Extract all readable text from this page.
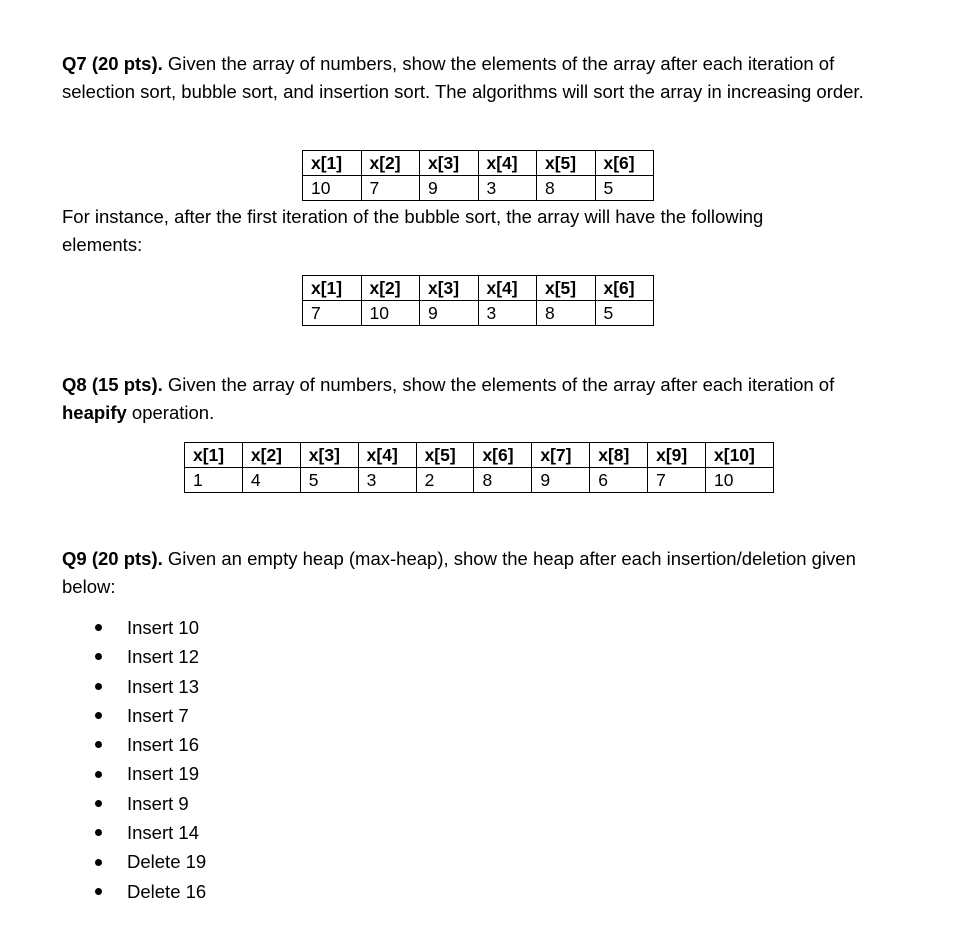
Q7 (20 pts). Given the array of numbers, show the elements of the array after each iteration of selection sort, bubble sort, and insertion sort. The algorithms will sort the array in increasing order.

x[1]	x[2]	x[3]	x[4]	x[5]	x[6]
10	7	9	3	8	5

For instance, after the first iteration of the bubble sort, the array will have the following elements:

x[1]	x[2]	x[3]	x[4]	x[5]	x[6]
7	10	9	3	8	5

Q8 (15 pts). Given the array of numbers, show the elements of the array after each iteration of heapify operation.

x[1]	x[2]	x[3]	x[4]	x[5]	x[6]	x[7]	x[8]	x[9]	x[10]
1	4	5	3	2	8	9	6	7	10

Q9 (20 pts). Given an empty heap (max-heap), show the heap after each insertion/deletion given below:

Insert 10
Insert 12
Insert 13
Insert 7
Insert 16
Insert 19
Insert 9
Insert 14
Delete 19
Delete 16
